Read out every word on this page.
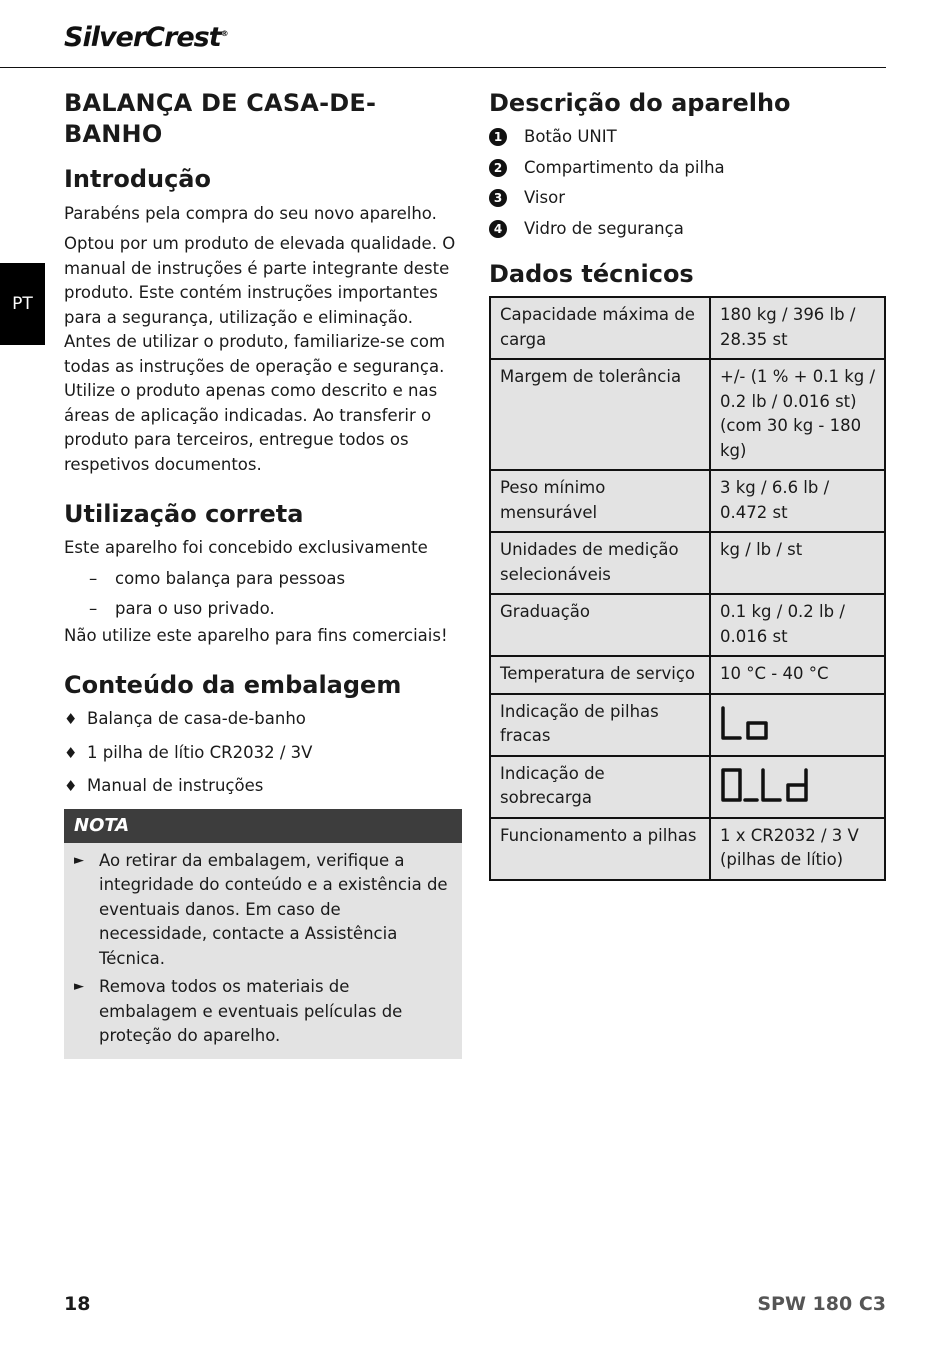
SilverCrest®
PT
BALANÇA DE CASA-DE-BANHO
Introdução

Parabéns pela compra do seu novo aparelho.

Optou por um produto de elevada qualidade. O manual de instruções é parte integrante deste produto. Este contém instruções importantes para a segurança, utilização e eliminação. Antes de utilizar o produto, familiarize-se com todas as instruções de operação e segurança. Utilize o produto apenas como descrito e nas áreas de aplicação indicadas. Ao transferir o produto para terceiros, entregue todos os respetivos documentos.

Utilização correta

Este aparelho foi concebido exclusivamente

– como balança para pessoas
– para o uso privado.

Não utilize este aparelho para fins comerciais!

Conteúdo da embalagem
♦ Balança de casa-de-banho
♦ 1 pilha de lítio CR2032 / 3V
♦ Manual de instruções
NOTA
► Ao retirar da embalagem, verifique a integridade do conteúdo e a existência de eventuais danos. Em caso de necessidade, contacte a Assistência Técnica.
► Remova todos os materiais de embalagem e eventuais películas de proteção do aparelho.
Descrição do aparelho
1 Botão UNIT
2 Compartimento da pilha
3 Visor
4 Vidro de segurança
Dados técnicos
Capacidade máxima de carga	180 kg / 396 lb / 28.35 st
Margem de tolerância	+/- (1 % + 0.1 kg / 0.2 lb / 0.016 st) (com 30 kg - 180 kg)
Peso mínimo mensurável	3 kg / 6.6 lb / 0.472 st
Unidades de medição selecionáveis	kg / lb / st
Graduação	0.1 kg / 0.2 lb / 0.016 st
Temperatura de serviço	10 °C - 40 °C
Indicação de pilhas fracas	

Indicação de sobrecarga	

Funcionamento a pilhas	1 x CR2032 / 3 V (pilhas de lítio)
18	SPW 180 C3
